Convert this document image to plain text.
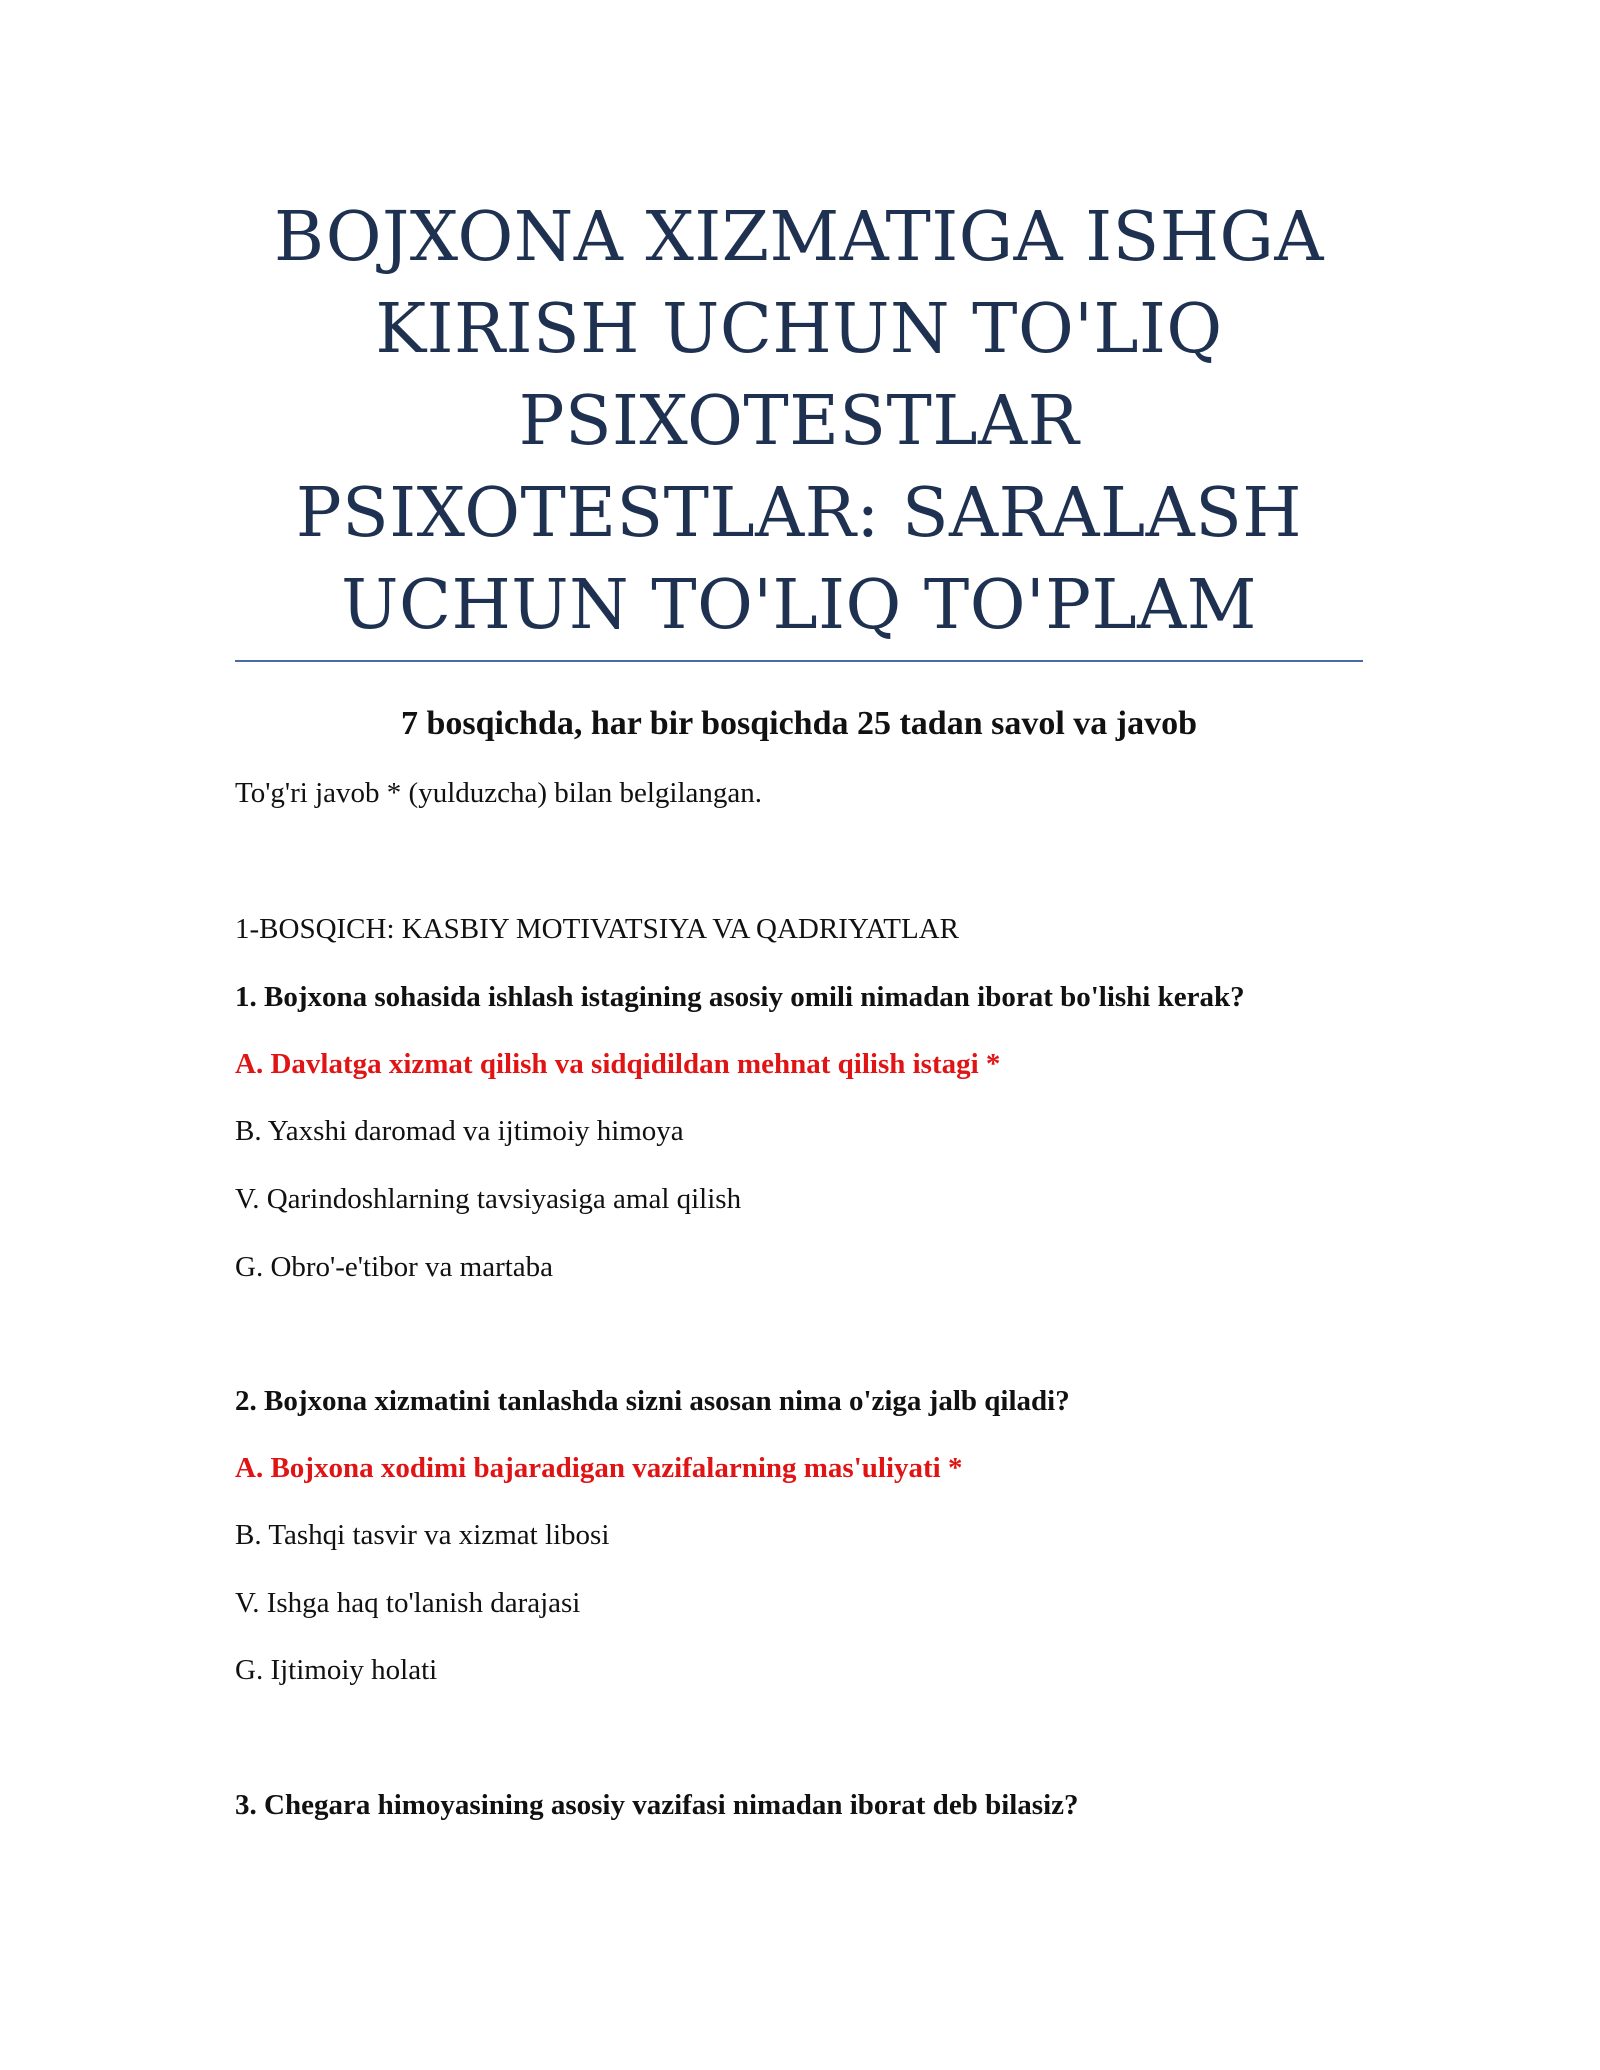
BOJXONA XIZMATIGA ISHGA
KIRISH UCHUN TO'LIQ
PSIXOTESTLAR
PSIXOTESTLAR: SARALASH
UCHUN TO'LIQ TO'PLAM
7 bosqichda, har bir bosqichda 25 tadan savol va javob
To'g'ri javob * (yulduzcha) bilan belgilangan.
1-BOSQICH: KASBIY MOTIVATSIYA VA QADRIYATLAR
1. Bojxona sohasida ishlash istagining asosiy omili nimadan iborat bo'lishi kerak?
A. Davlatga xizmat qilish va sidqidildan mehnat qilish istagi *
B. Yaxshi daromad va ijtimoiy himoya
V. Qarindoshlarning tavsiyasiga amal qilish
G. Obro'-e'tibor va martaba
2. Bojxona xizmatini tanlashda sizni asosan nima o'ziga jalb qiladi?
A. Bojxona xodimi bajaradigan vazifalarning mas'uliyati *
B. Tashqi tasvir va xizmat libosi
V. Ishga haq to'lanish darajasi
G. Ijtimoiy holati
3. Chegara himoyasining asosiy vazifasi nimadan iborat deb bilasiz?
